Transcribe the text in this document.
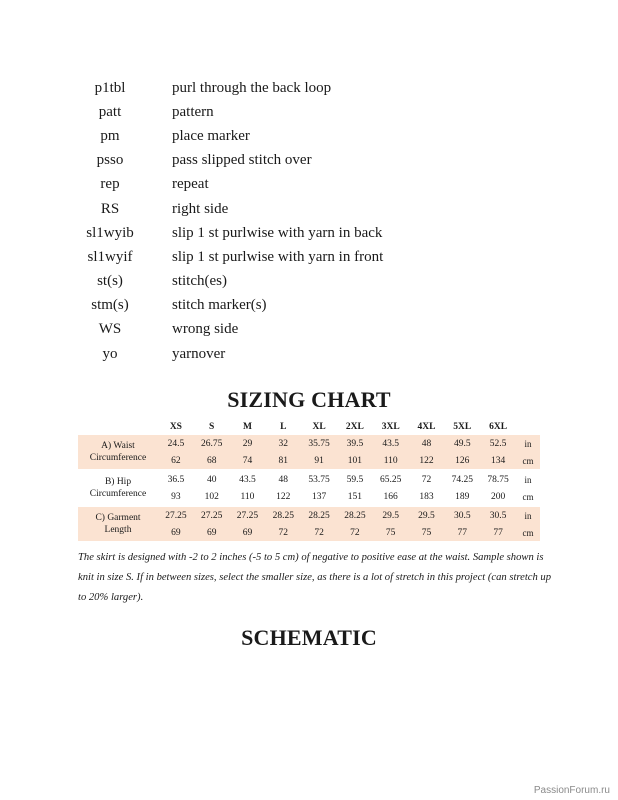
p1tbl	purl through the back loop
patt	pattern
pm	place marker
psso	pass slipped stitch over
rep	repeat
RS	right side
sl1wyib	slip 1 st purlwise with yarn in back
sl1wyif	slip 1 st purlwise with yarn in front
st(s)	stitch(es)
stm(s)	stitch marker(s)
WS	wrong side
yo	yarnover
SIZING CHART
	XS	S	M	L	XL	2XL	3XL	4XL	5XL	6XL	
A) Waist
Circumference	24.5	26.75	29	32	35.75	39.5	43.5	48	49.5	52.5	in
	62	68	74	81	91	101	110	122	126	134	cm

B) Hip
Circumference	36.5	40	43.5	48	53.75	59.5	65.25	72	74.25	78.75	in
	93	102	110	122	137	151	166	183	189	200	cm

C) Garment
Length	27.25	27.25	27.25	28.25	28.25	28.25	29.5	29.5	30.5	30.5	in
	69	69	69	72	72	72	75	75	77	77	cm
The skirt is designed with -2 to 2 inches (-5 to 5 cm) of negative to positive ease at the waist. Sample shown is knit in size S. If in between sizes, select the smaller size, as there is a lot of stretch in this project (can stretch up to 20% larger).
SCHEMATIC
PassionForum.ru
